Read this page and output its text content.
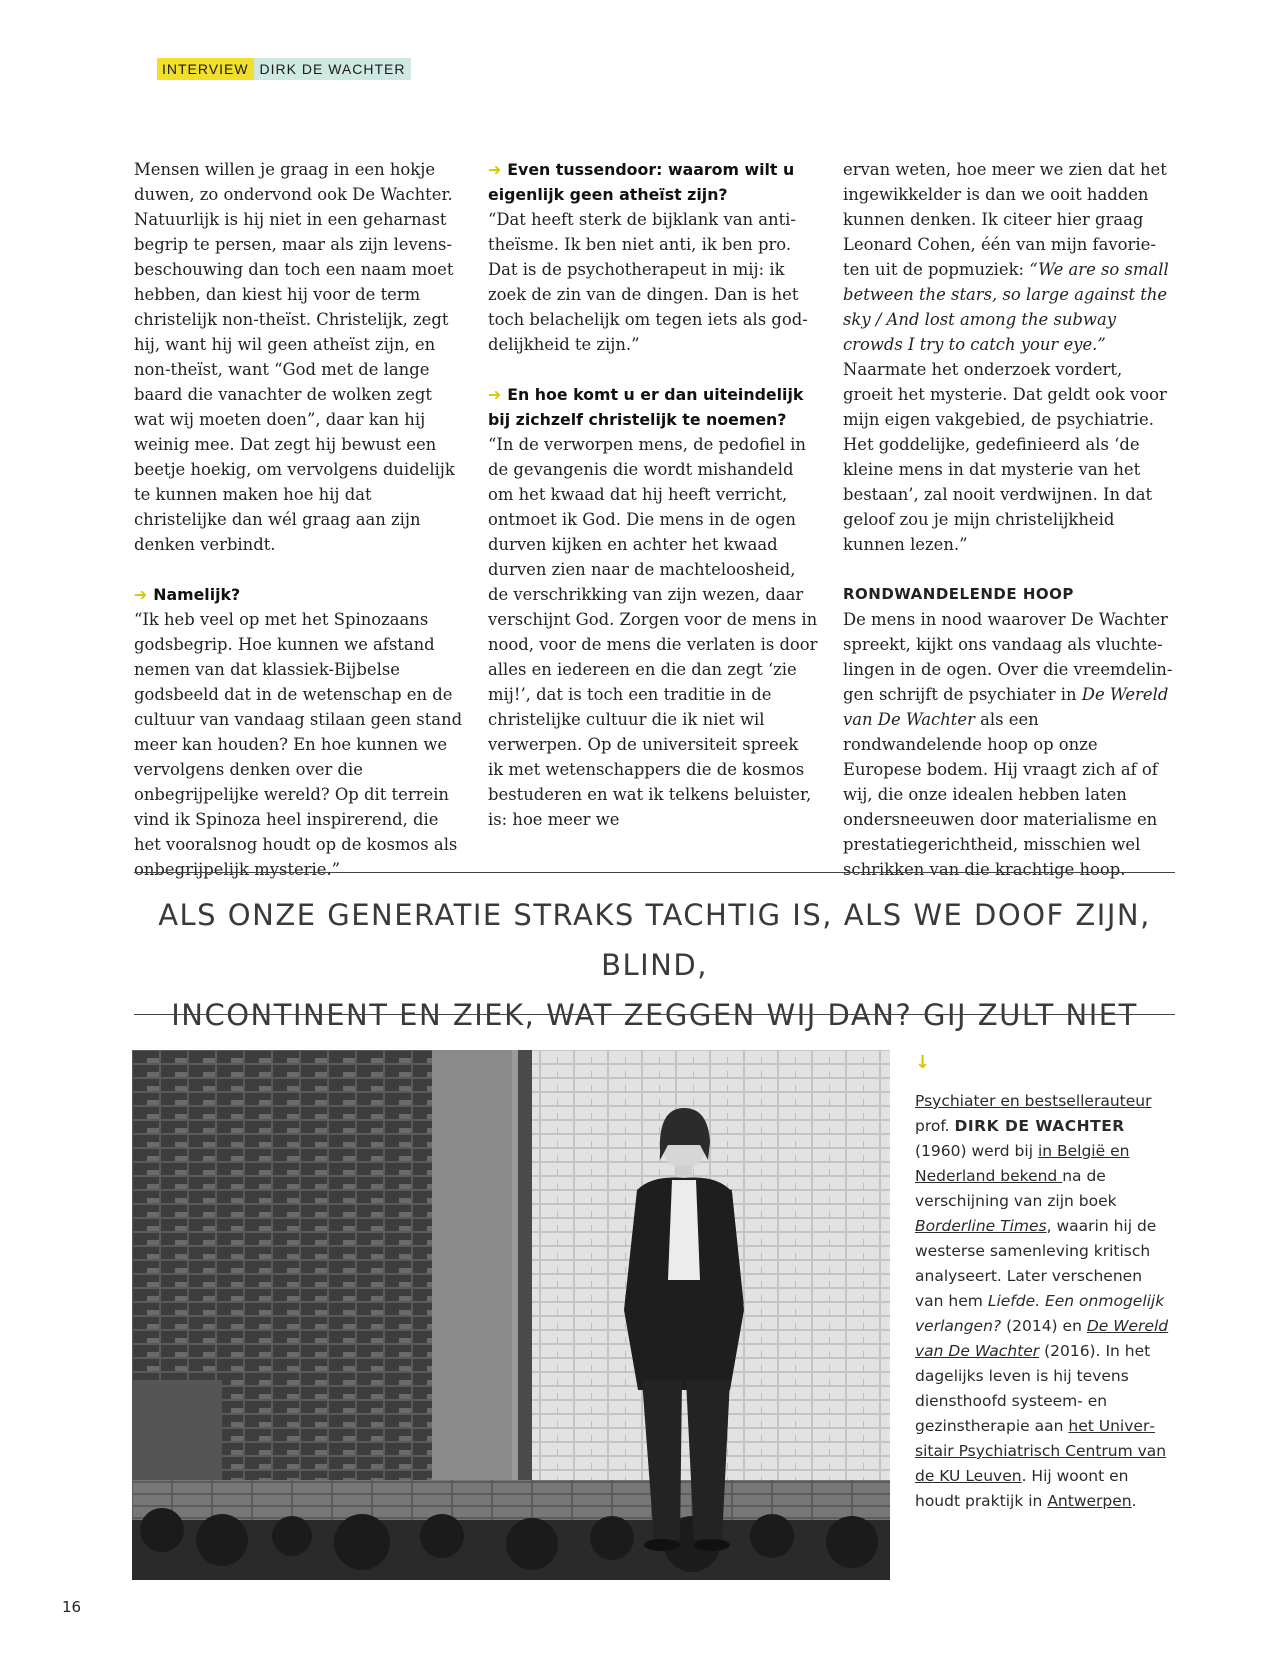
INTERVIEW DIRK DE WACHTER

Mensen willen je graag in een hokje duwen, zo ondervond ook De Wachter. Natuurlijk is hij niet in een geharnast begrip te persen, maar als zijn levensbeschouwing dan toch een naam moet hebben, dan kiest hij voor de term christelijk non-theïst. Christelijk, zegt hij, want hij wil geen atheïst zijn, en non-theïst, want “God met de lange baard die vanachter de wolken zegt wat wij moeten doen”, daar kan hij weinig mee. Dat zegt hij bewust een beetje hoekig, om vervolgens duidelijk te kunnen maken hoe hij dat christelijke dan wél graag aan zijn denken verbindt.

➔ Namelijk?

“Ik heb veel op met het Spinozaans godsbegrip. Hoe kunnen we afstand nemen van dat klassiek-Bijbelse godsbeeld dat in de wetenschap en de cultuur van vandaag stilaan geen stand meer kan houden? En hoe kunnen we vervolgens denken over die onbegrijpelijke wereld? Op dit terrein vind ik Spinoza heel inspirerend, die het vooralsnog houdt op de kosmos als onbegrijpelijk mysterie.”

➔ Even tussendoor: waarom wilt u eigenlijk geen atheïst zijn?

“Dat heeft sterk de bijklank van anti-theïsme. Ik ben niet anti, ik ben pro. Dat is de psychotherapeut in mij: ik zoek de zin van de dingen. Dan is het toch belachelijk om tegen iets als goddelijkheid te zijn.”

➔ En hoe komt u er dan uiteindelijk bij zichzelf christelijk te noemen?

“In de verworpen mens, de pedofiel in de gevangenis die wordt mishandeld om het kwaad dat hij heeft verricht, ontmoet ik God. Die mens in de ogen durven kijken en achter het kwaad durven zien naar de machteloosheid, de verschrikking van zijn wezen, daar verschijnt God. Zorgen voor de mens in nood, voor de mens die verlaten is door alles en iedereen en die dan zegt ‘zie mij!’, dat is toch een traditie in de christelijke cultuur die ik niet wil verwerpen. Op de universiteit spreek ik met wetenschappers die de kosmos bestuderen en wat ik telkens beluister, is: hoe meer we

ervan weten, hoe meer we zien dat het ingewikkelder is dan we ooit hadden kunnen denken. Ik citeer hier graag Leonard Cohen, één van mijn favorieten uit de popmuziek: “We are so small between the stars, so large against the sky / And lost among the subway crowds I try to catch your eye.” Naarmate het onderzoek vordert, groeit het mysterie. Dat geldt ook voor mijn eigen vakgebied, de psychiatrie. Het goddelijke, gedefinieerd als ‘de kleine mens in dat mysterie van het bestaan’, zal nooit verdwijnen. In dat geloof zou je mijn christelijkheid kunnen lezen.”

RONDWANDELENDE HOOP

De mens in nood waarover De Wachter spreekt, kijkt ons vandaag als vluchtelingen in de ogen. Over die vreemdelingen schrijft de psychiater in De Wereld van De Wachter als een rondwandelende hoop op onze Europese bodem. Hij vraagt zich af of wij, die onze idealen hebben laten ondersneeuwen door materialisme en prestatiegerichtheid, misschien wel schrikken van die krachtige hoop.

ALS ONZE GENERATIE STRAKS TACHTIG IS, ALS WE DOOF ZIJN, BLIND,
INCONTINENT EN ZIEK, WAT ZEGGEN WIJ DAN? GIJ ZULT NIET
↓

Psychiater en bestsellerauteur
prof. DIRK DE WACHTER (1960) werd bij in België en Nederland bekend na de verschijning van zijn boek Borderline Times, waarin hij de westerse samenleving kritisch analyseert. Later verschenen van hem Liefde. Een onmogelijk verlangen? (2014) en De Wereld van De Wachter (2016). In het dagelijks leven is hij tevens diensthoofd systeem- en gezinstherapie aan het Universitair Psychiatrisch Centrum van de KU Leuven. Hij woont en houdt praktijk in Antwerpen.

16
